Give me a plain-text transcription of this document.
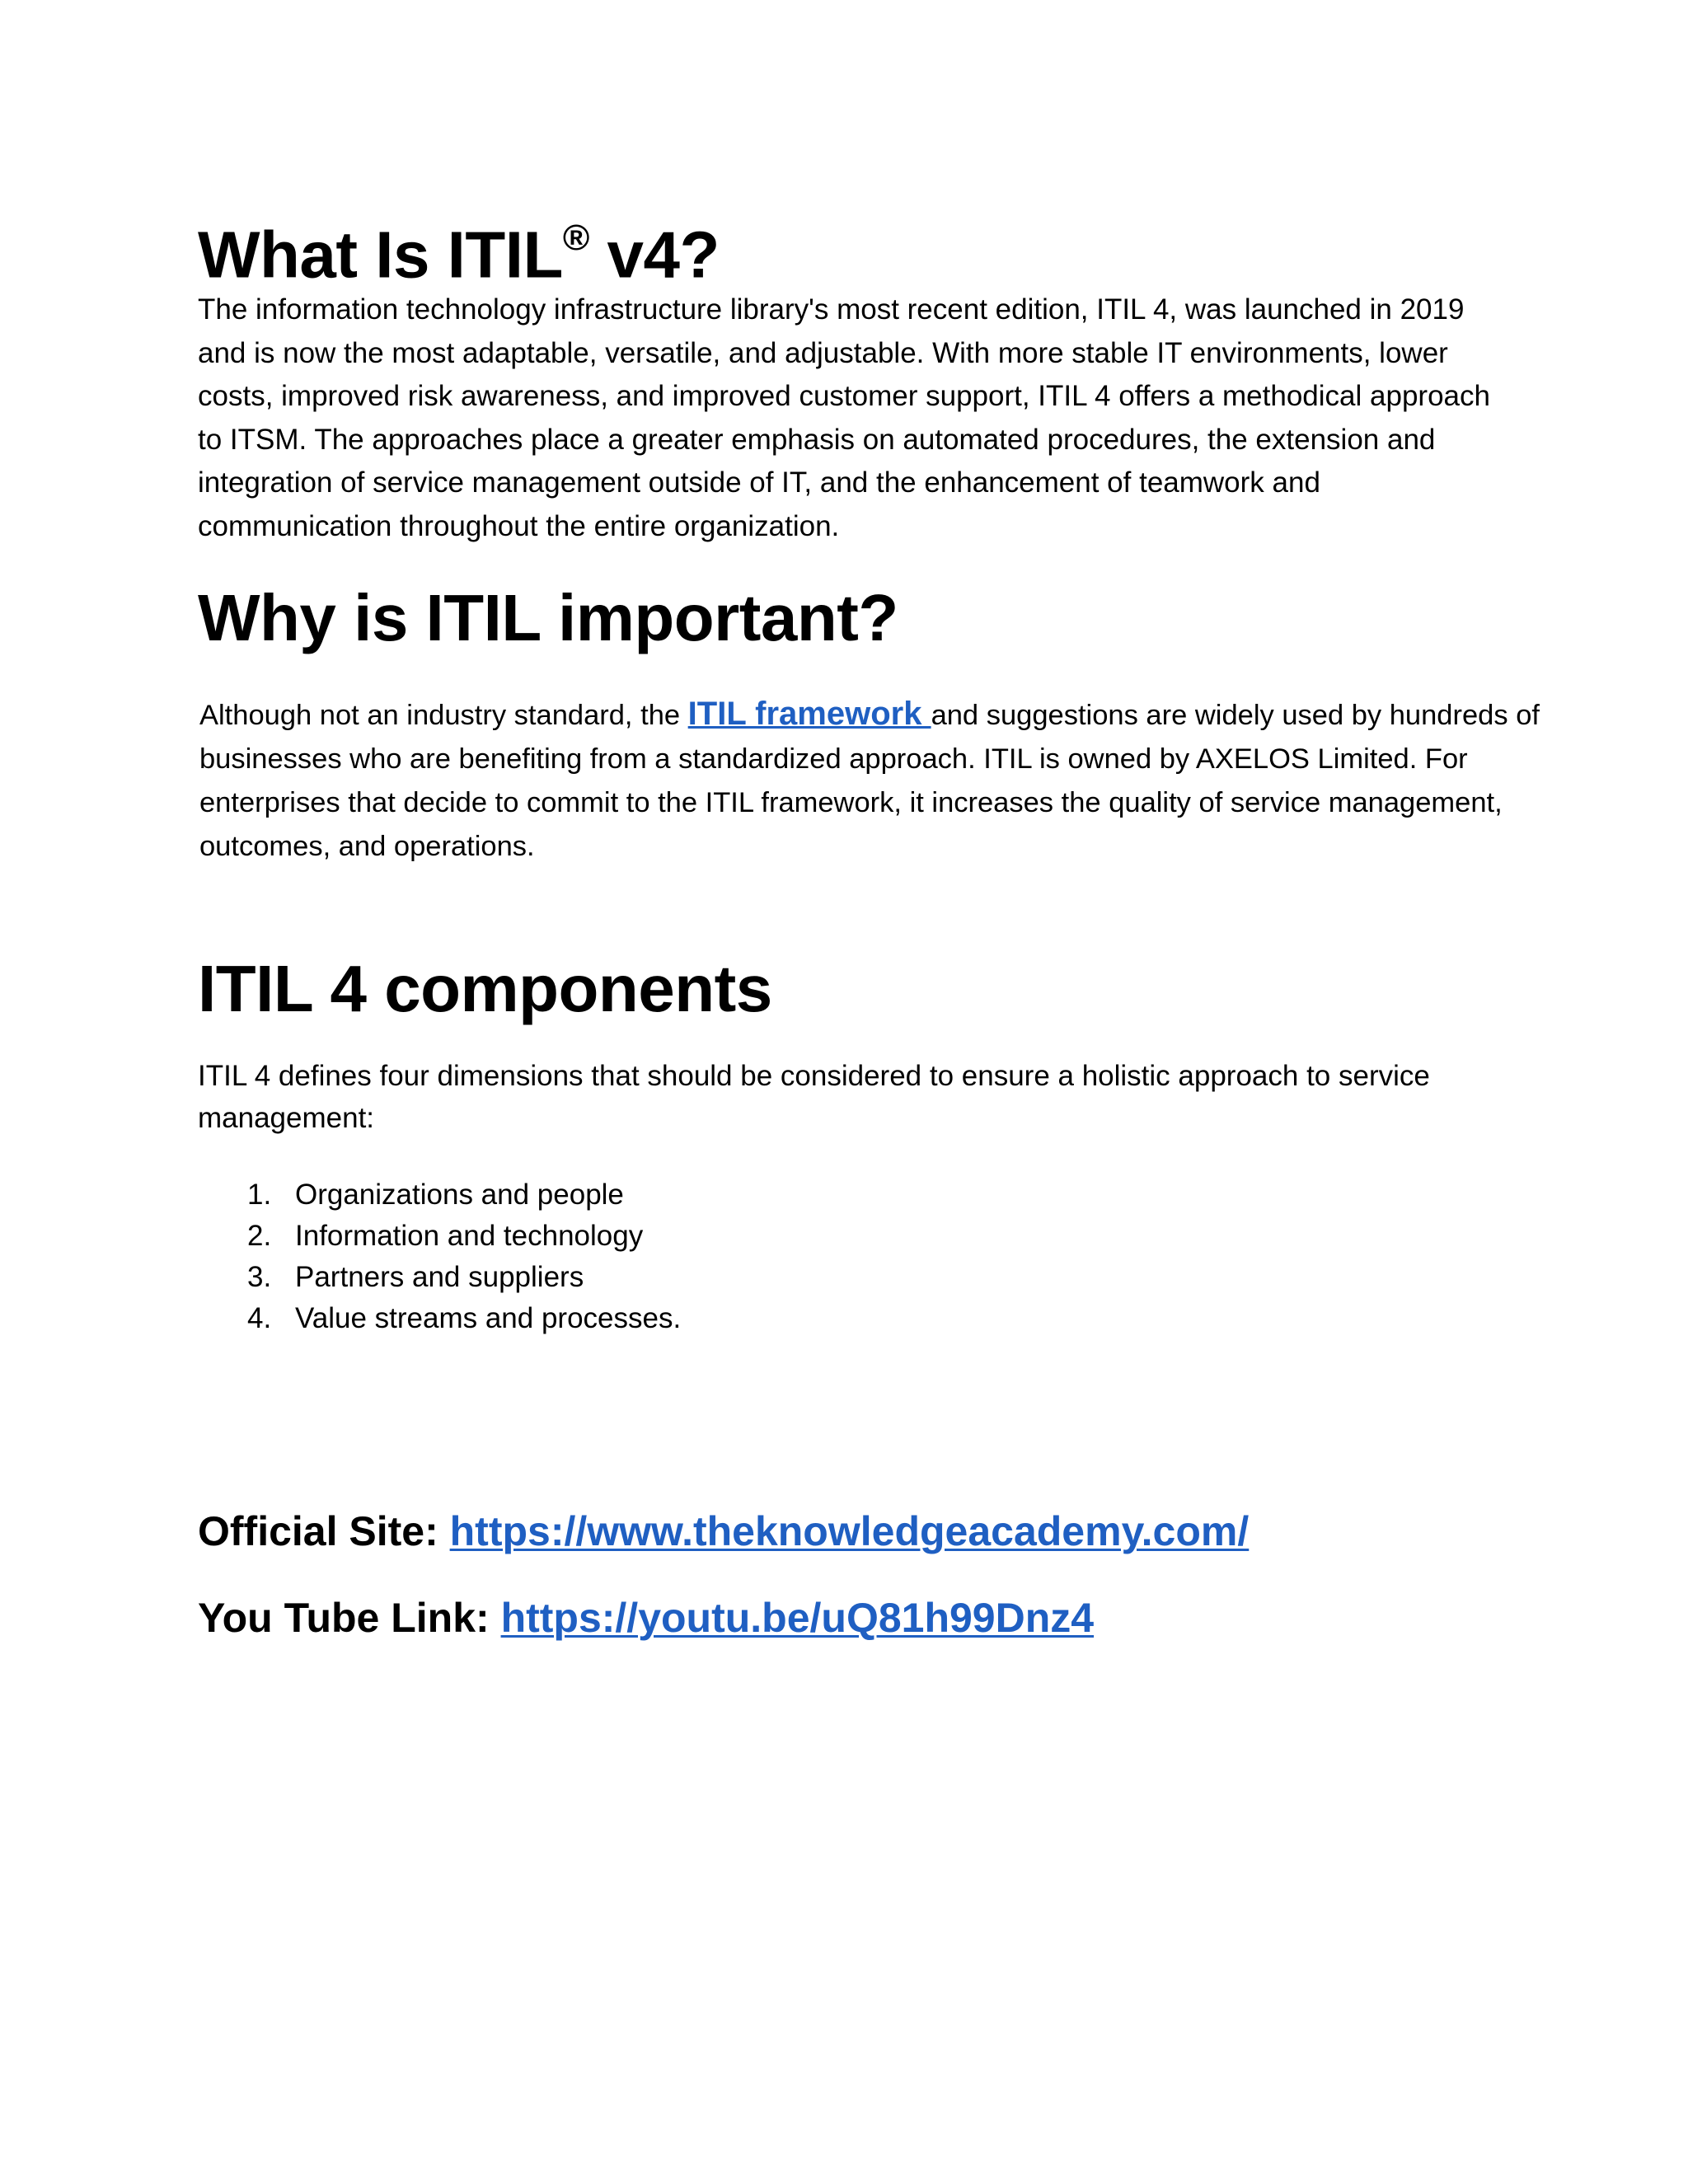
What Is ITIL® v4?

The information technology infrastructure library's most recent edition, ITIL 4, was launched in 2019 and is now the most adaptable, versatile, and adjustable. With more stable IT environments, lower costs, improved risk awareness, and improved customer support, ITIL 4 offers a methodical approach to ITSM. The approaches place a greater emphasis on automated procedures, the extension and integration of service management outside of IT, and the enhancement of teamwork and communication throughout the entire organization.

Why is ITIL important?

Although not an industry standard, the ITIL framework and suggestions are widely used by hundreds of businesses who are benefiting from a standardized approach. ITIL is owned by AXELOS Limited. For enterprises that decide to commit to the ITIL framework, it increases the quality of service management, outcomes, and operations.

ITIL 4 components

ITIL 4 defines four dimensions that should be considered to ensure a holistic approach to service management:

1. Organizations and people
2. Information and technology
3. Partners and suppliers
4. Value streams and processes.
Official Site: https://www.theknowledgeacademy.com/
You Tube Link: https://youtu.be/uQ81h99Dnz4
